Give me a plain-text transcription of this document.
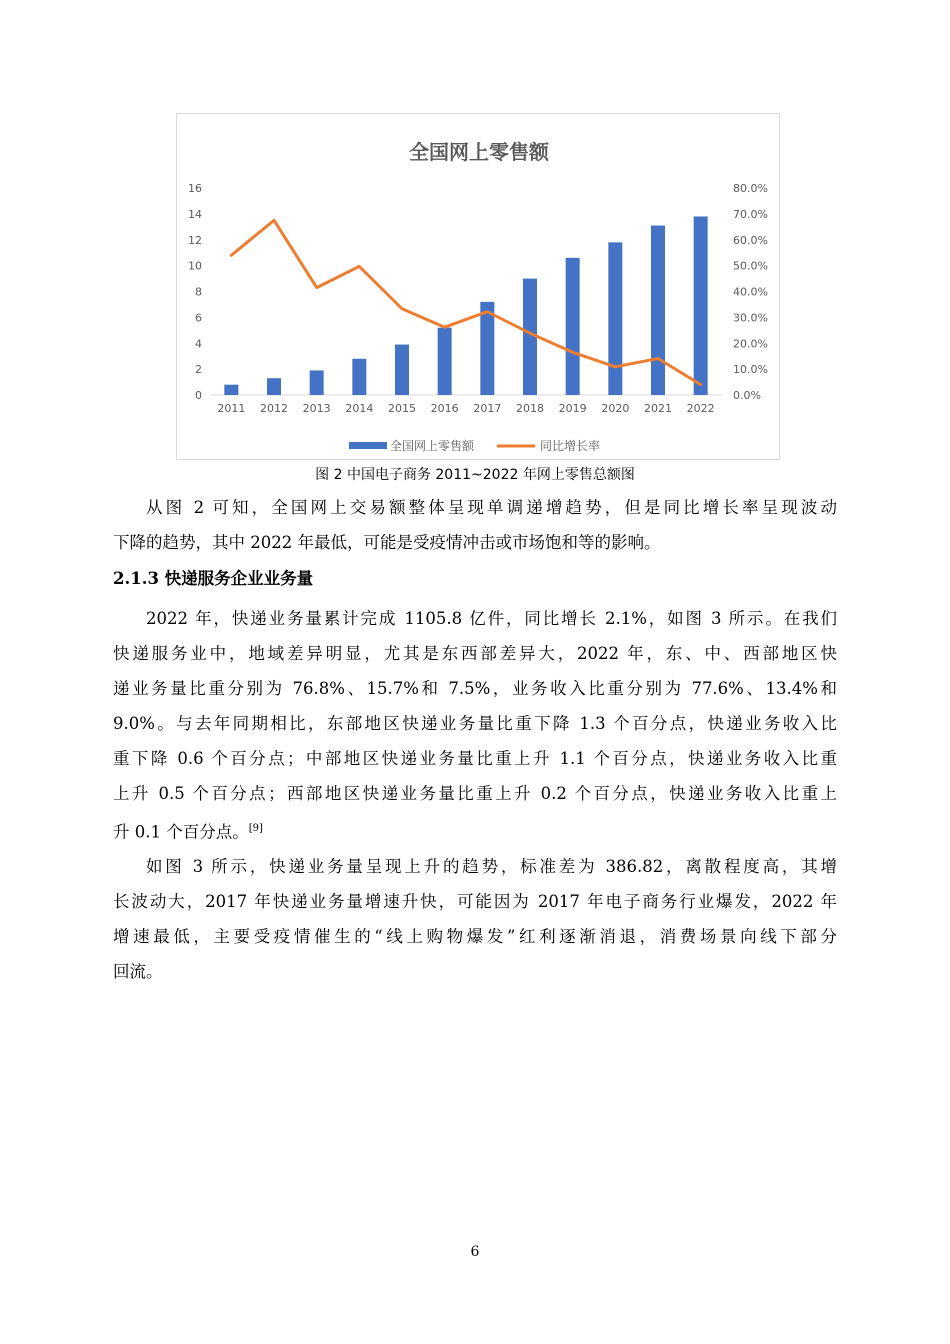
全国网上零售额
0
2
4
6
8
10
12
14
16
0.0%
10.0%
20.0%
30.0%
40.0%
50.0%
60.0%
70.0%
80.0%
2011 2012 2013 2014 2015 2016 2017 2018 2019 2020 2021 2022
全国网上零售额	同比增长率
图 2 中国电子商务 2011~2022 年网上零售总额图

从图 2 可知，全国网上交易额整体呈现单调递增趋势，但是同比增长率呈现波动
下降的趋势，其中 2022 年最低，可能是受疫情冲击或市场饱和等的影响。

2.1.3 快递服务企业业务量

2022 年，快递业务量累计完成 1105.8 亿件，同比增长 2.1%，如图 3 所示。在我们
快递服务业中，地域差异明显，尤其是东西部差异大，2022 年，东、中、西部地区快
递业务量比重分别为 76.8%、15.7%和 7.5%，业务收入比重分别为 77.6%、13.4%和
9.0%。与去年同期相比，东部地区快递业务量比重下降 1.3 个百分点，快递业务收入比
重下降 0.6 个百分点；中部地区快递业务量比重上升 1.1 个百分点，快递业务收入比重
上升 0.5 个百分点；西部地区快递业务量比重上升 0.2 个百分点，快递业务收入比重上
升 0.1 个百分点。[9]

如图 3 所示，快递业务量呈现上升的趋势，标准差为 386.82，离散程度高，其增
长波动大，2017 年快递业务量增速升快，可能因为 2017 年电子商务行业爆发，2022 年
增速最低，主要受疫情催生的“线上购物爆发”红利逐渐消退，消费场景向线下部分
回流。

6
